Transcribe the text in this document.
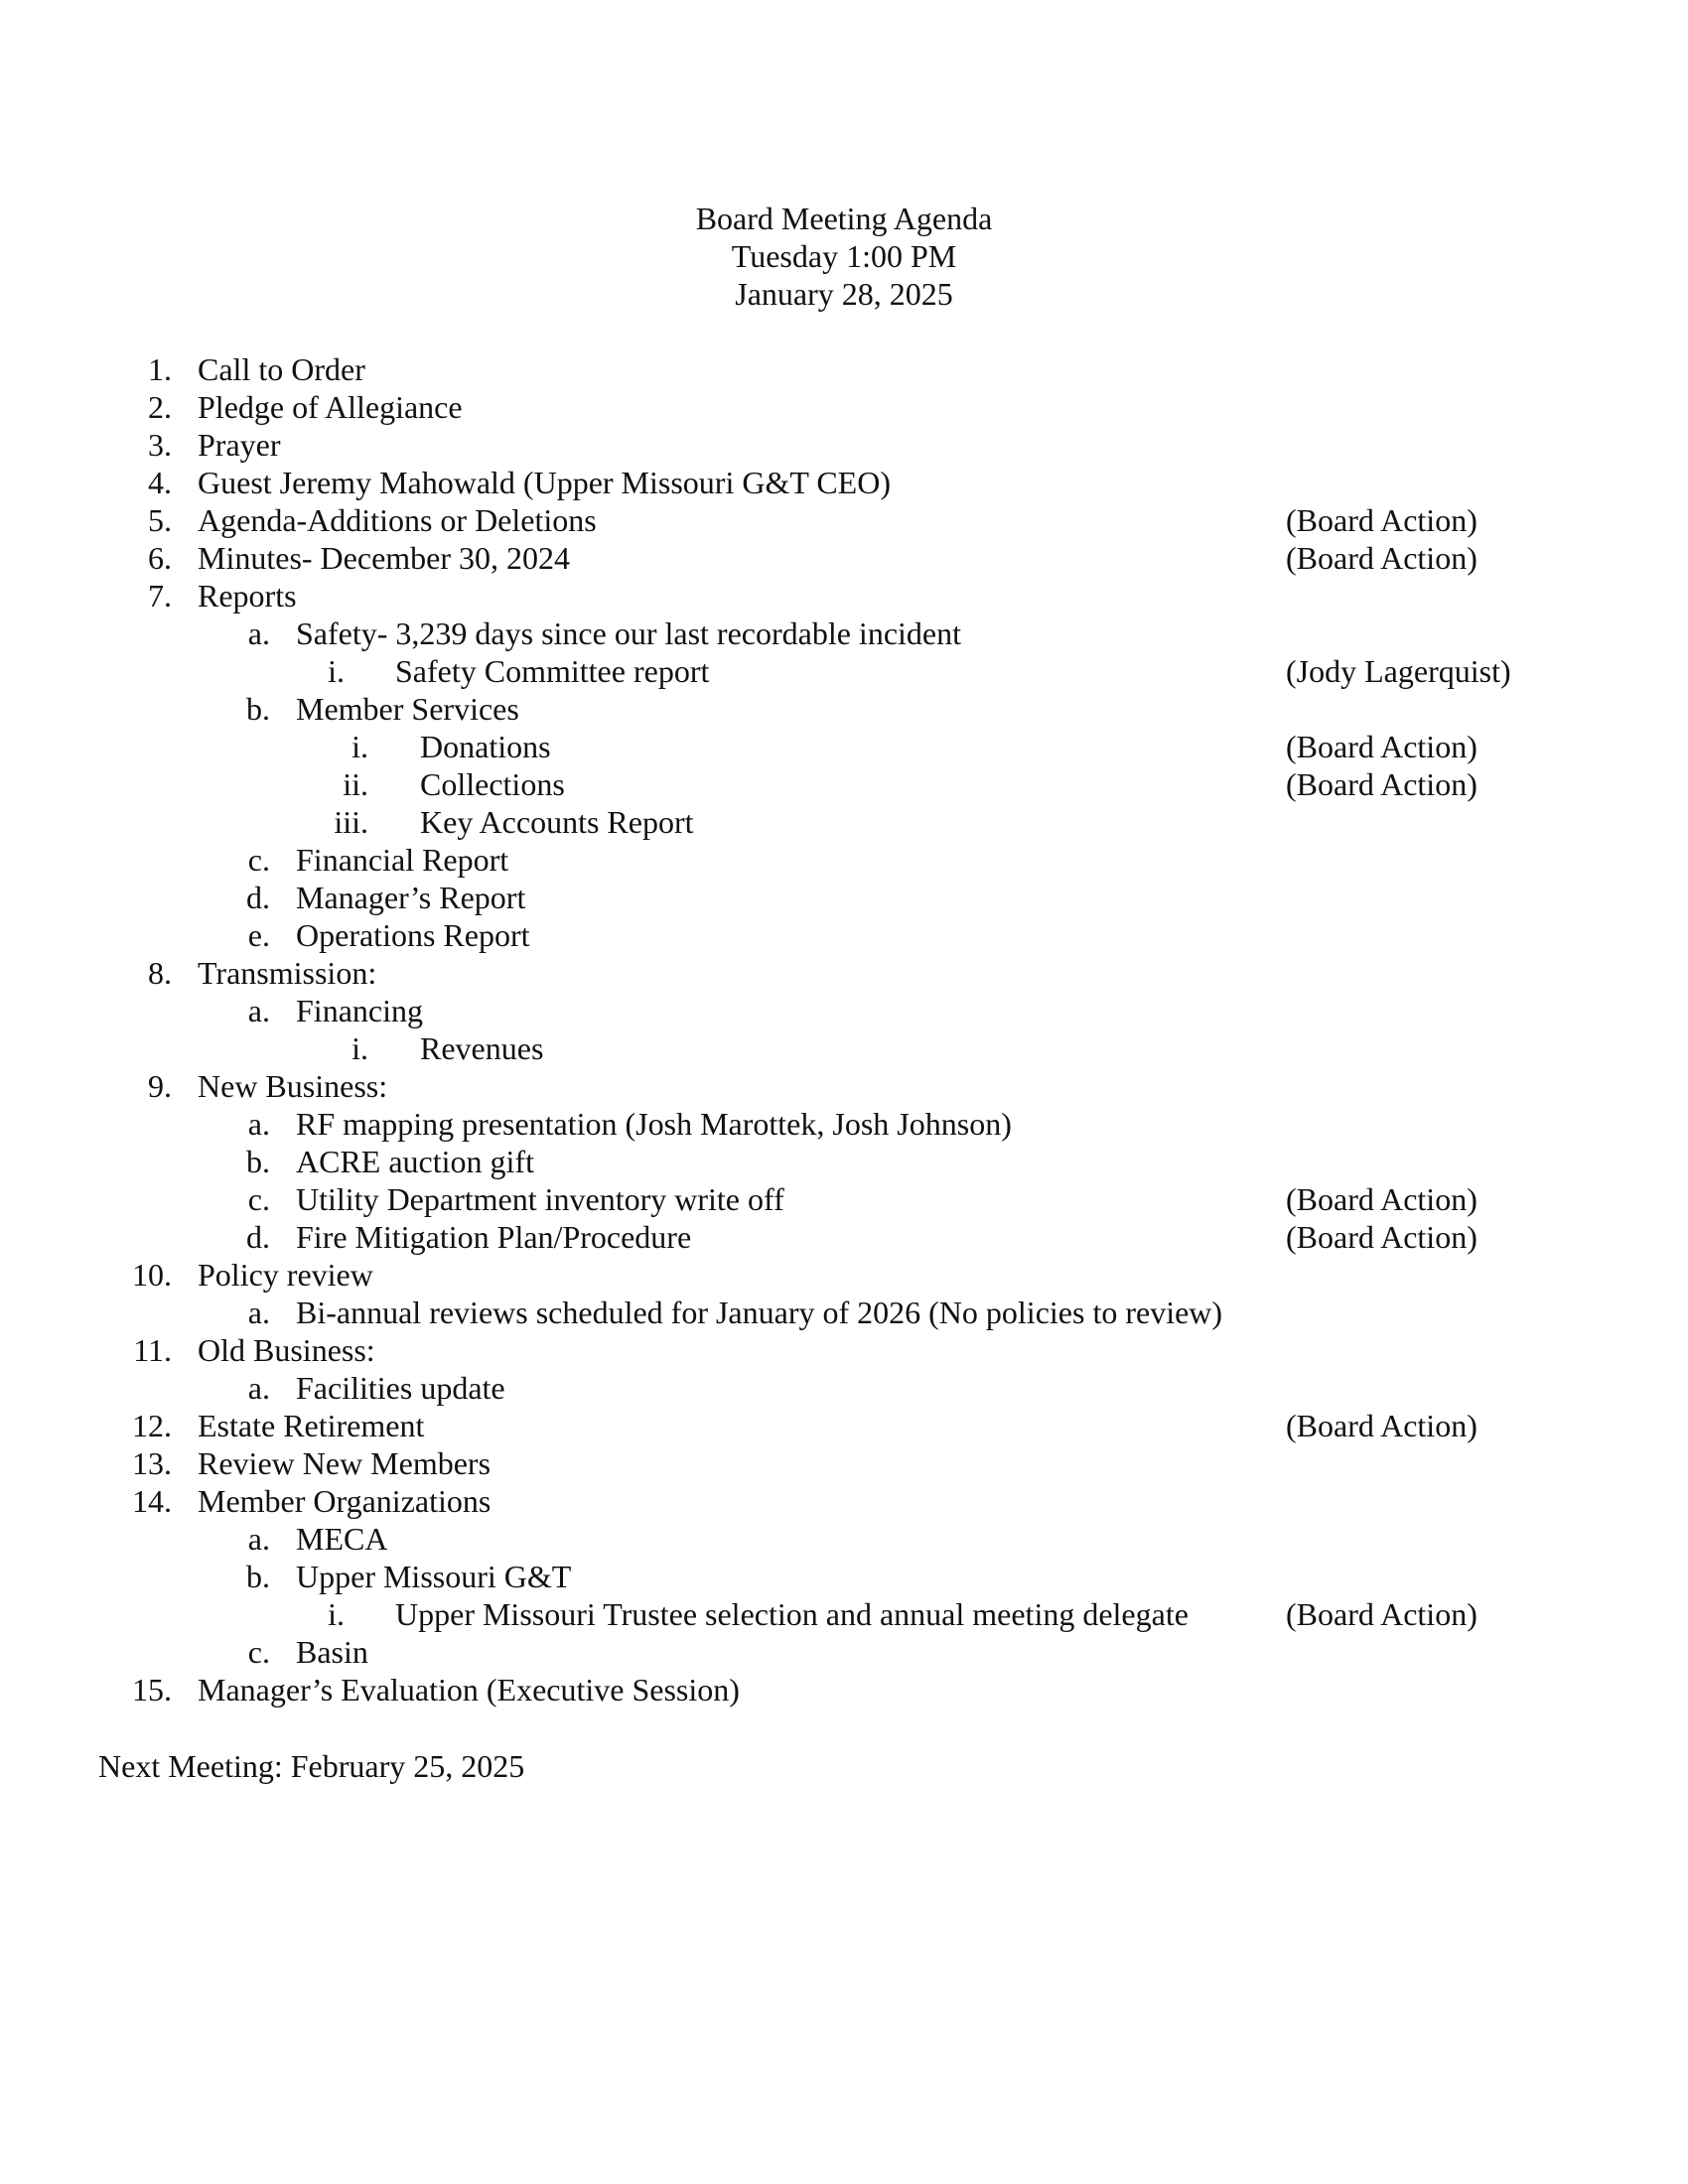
Board Meeting Agenda
Tuesday 1:00 PM
January 28, 2025
1. Call to Order
2. Pledge of Allegiance
3. Prayer
4. Guest Jeremy Mahowald (Upper Missouri G&T CEO)
5. Agenda-Additions or Deletions	(Board Action)
6. Minutes- December 30, 2024	(Board Action)
7. Reports
a. Safety- 3,239 days since our last recordable incident
i. Safety Committee report	(Jody Lagerquist)
b. Member Services
i. Donations	(Board Action)
ii. Collections	(Board Action)
iii. Key Accounts Report
c. Financial Report
d. Manager’s Report
e. Operations Report
8. Transmission:
a. Financing
i. Revenues
9. New Business:
a. RF mapping presentation (Josh Marottek, Josh Johnson)
b. ACRE auction gift
c. Utility Department inventory write off	(Board Action)
d. Fire Mitigation Plan/Procedure	(Board Action)
10. Policy review
a. Bi-annual reviews scheduled for January of 2026 (No policies to review)
11. Old Business:
a. Facilities update
12. Estate Retirement	(Board Action)
13. Review New Members
14. Member Organizations
a. MECA
b. Upper Missouri G&T
i. Upper Missouri Trustee selection and annual meeting delegate	(Board Action)
c. Basin
15. Manager’s Evaluation (Executive Session)
Next Meeting: February 25, 2025
